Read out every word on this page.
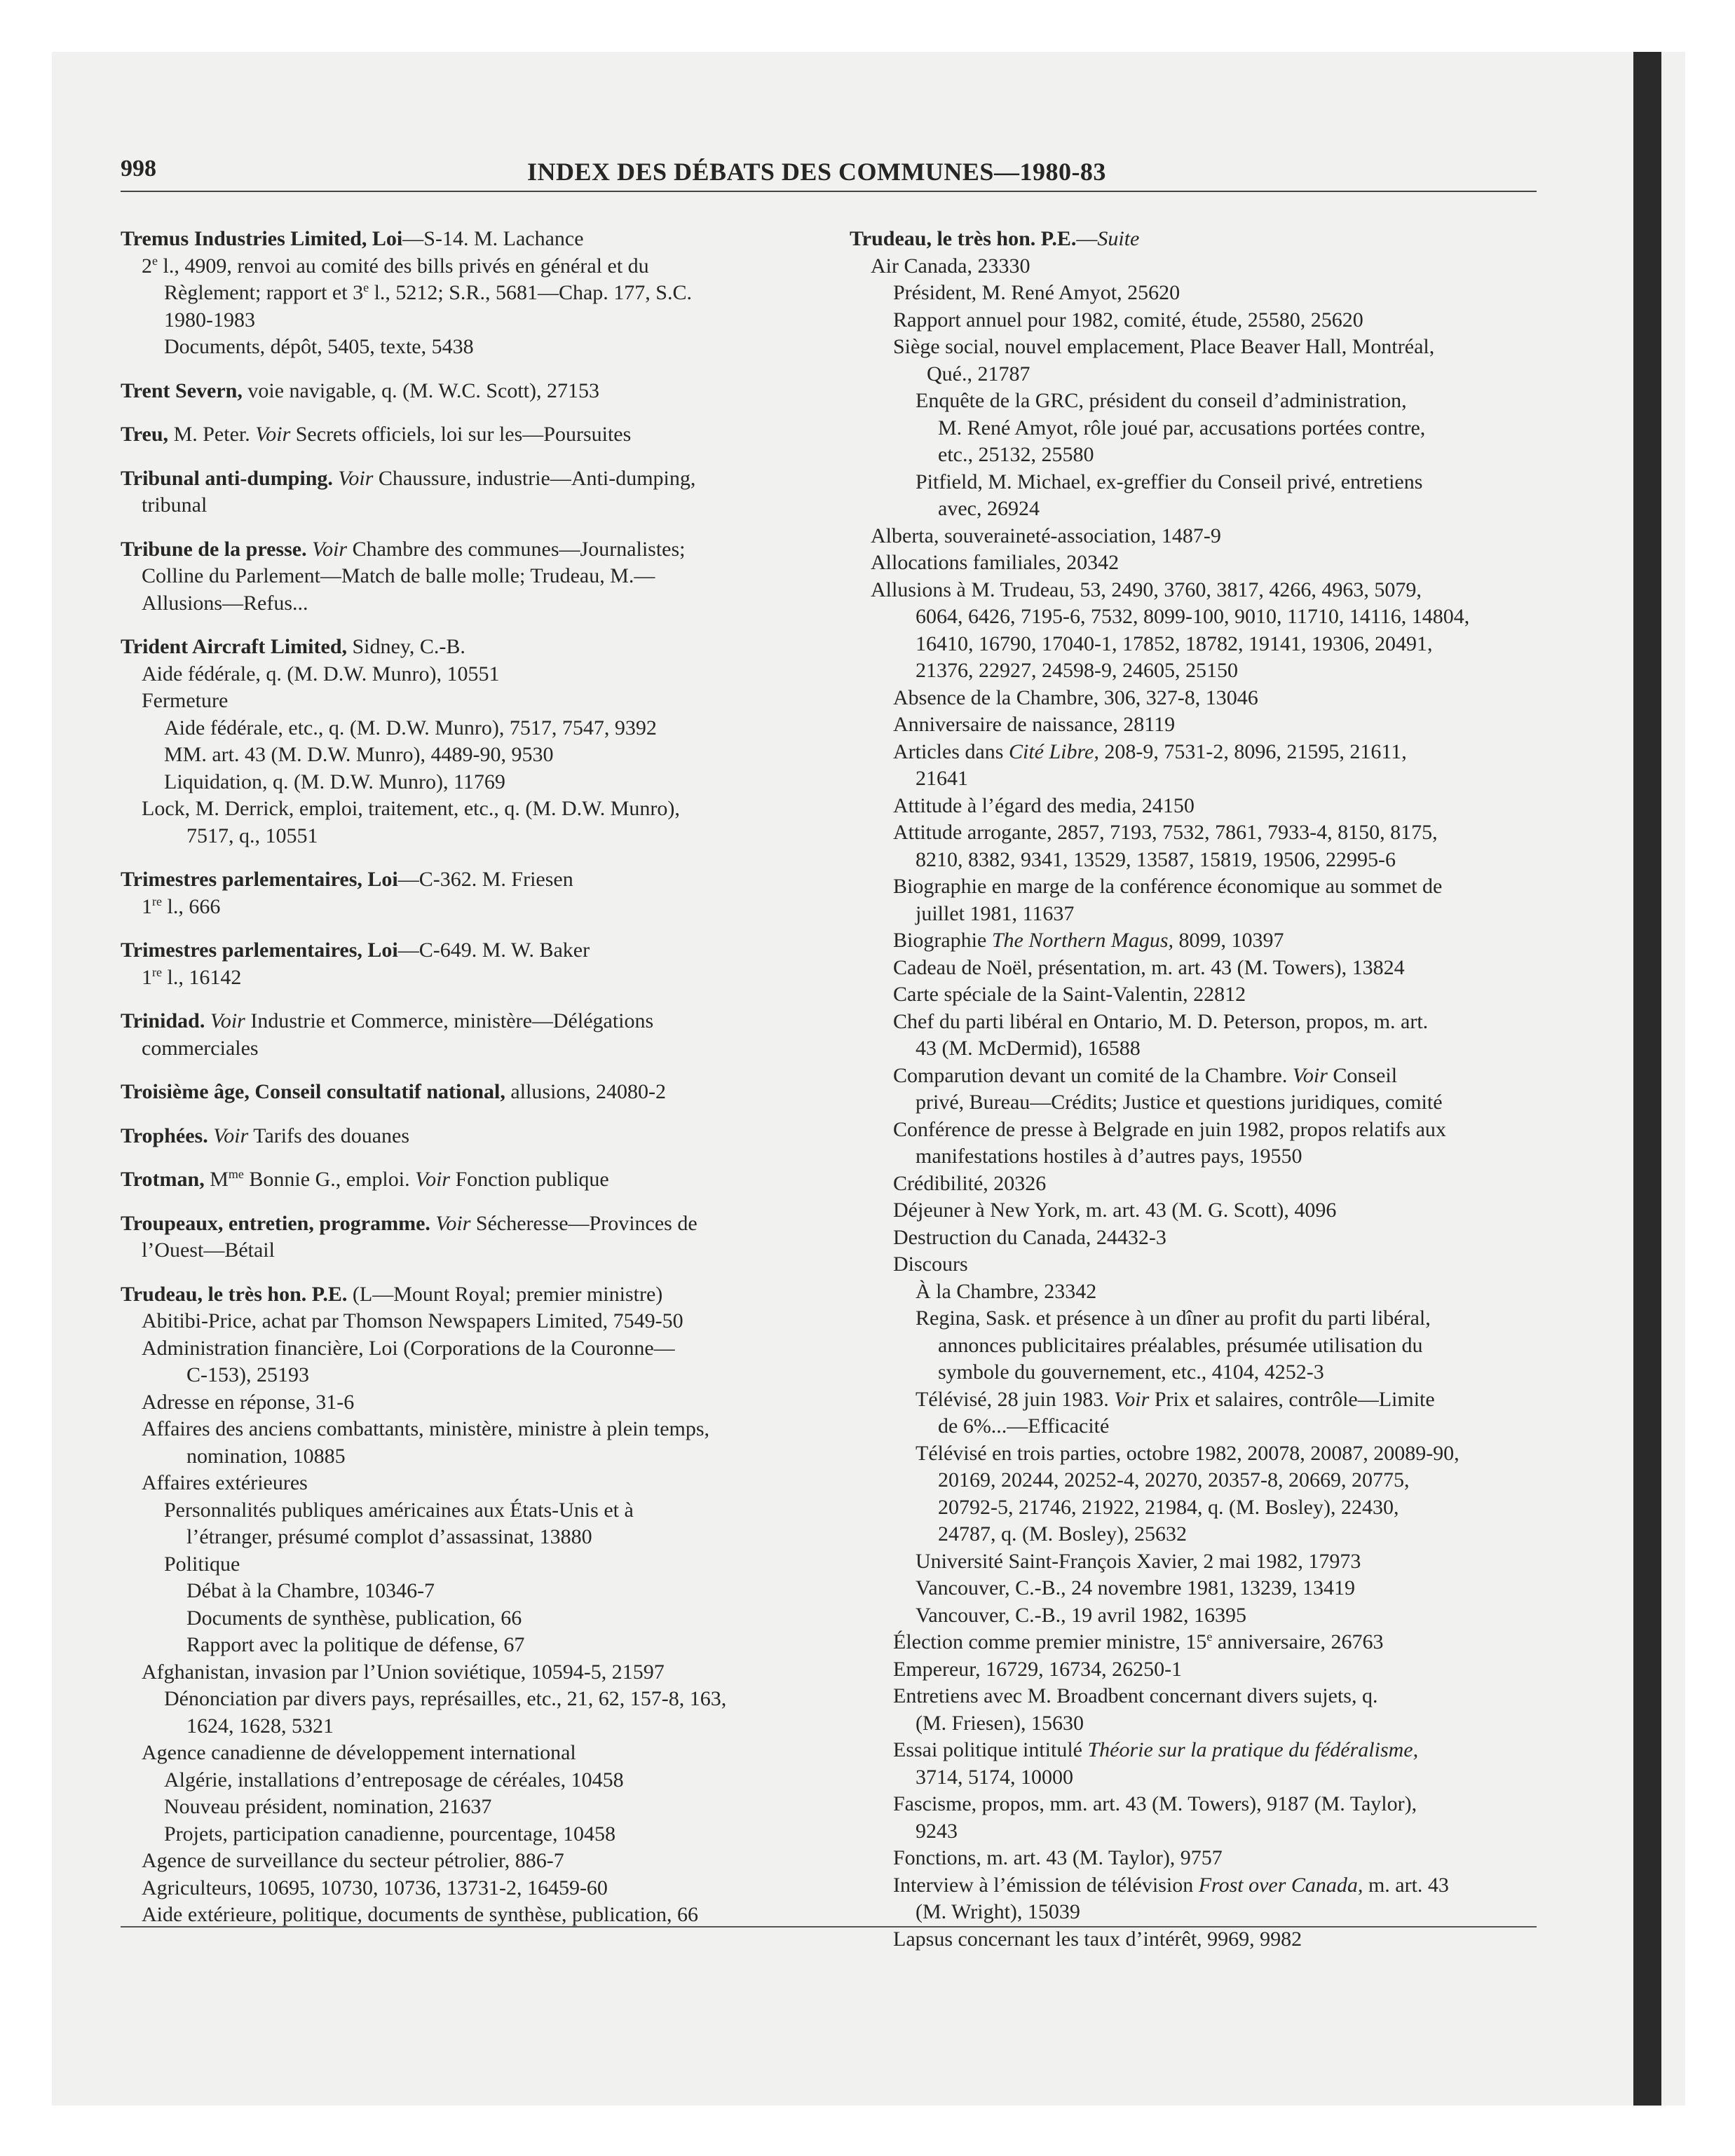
998	INDEX DES DÉBATS DES COMMUNES—1980-83
Tremus Industries Limited, Loi—S-14. M. Lachance
2e l., 4909, renvoi au comité des bills privés en général et du
Règlement; rapport et 3e l., 5212; S.R., 5681—Chap. 177, S.C.
1980-1983
Documents, dépôt, 5405, texte, 5438
Trent Severn, voie navigable, q. (M. W.C. Scott), 27153
Treu, M. Peter. Voir Secrets officiels, loi sur les—Poursuites
Tribunal anti-dumping. Voir Chaussure, industrie—Anti-dumping,
tribunal
Tribune de la presse. Voir Chambre des communes—Journalistes;
Colline du Parlement—Match de balle molle; Trudeau, M.—
Allusions—Refus...
Trident Aircraft Limited, Sidney, C.-B.
Aide fédérale, q. (M. D.W. Munro), 10551
Fermeture
Aide fédérale, etc., q. (M. D.W. Munro), 7517, 7547, 9392
MM. art. 43 (M. D.W. Munro), 4489-90, 9530
Liquidation, q. (M. D.W. Munro), 11769
Lock, M. Derrick, emploi, traitement, etc., q. (M. D.W. Munro),
7517, q., 10551
Trimestres parlementaires, Loi—C-362. M. Friesen
1re l., 666
Trimestres parlementaires, Loi—C-649. M. W. Baker
1re l., 16142
Trinidad. Voir Industrie et Commerce, ministère—Délégations
commerciales
Troisième âge, Conseil consultatif national, allusions, 24080-2
Trophées. Voir Tarifs des douanes
Trotman, $M^{me}$ Bonnie G., emploi. Voir Fonction publique
Troupeaux, entretien, programme. Voir Sécheresse—Provinces de
l’Ouest—Bétail
Trudeau, le très hon. P.E. (L—Mount Royal; premier ministre)
Abitibi-Price, achat par Thomson Newspapers Limited, 7549-50
Administration financière, Loi (Corporations de la Couronne—
C-153), 25193
Adresse en réponse, 31-6
Affaires des anciens combattants, ministère, ministre à plein temps,
nomination, 10885
Affaires extérieures
Personnalités publiques américaines aux États-Unis et à
l’étranger, présumé complot d’assassinat, 13880
Politique
Débat à la Chambre, 10346-7
Documents de synthèse, publication, 66
Rapport avec la politique de défense, 67
Afghanistan, invasion par l’Union soviétique, 10594-5, 21597
Dénonciation par divers pays, représailles, etc., 21, 62, 157-8, 163,
1624, 1628, 5321
Agence canadienne de développement international
Algérie, installations d’entreposage de céréales, 10458
Nouveau président, nomination, 21637
Projets, participation canadienne, pourcentage, 10458
Agence de surveillance du secteur pétrolier, 886-7
Agriculteurs, 10695, 10730, 10736, 13731-2, 16459-60
Aide extérieure, politique, documents de synthèse, publication, 66
Trudeau, le très hon. P.E.—Suite
Air Canada, 23330
Président, M. René Amyot, 25620
Rapport annuel pour 1982, comité, étude, 25580, 25620
Siège social, nouvel emplacement, Place Beaver Hall, Montréal,
Qué., 21787
Enquête de la GRC, président du conseil d’administration,
M. René Amyot, rôle joué par, accusations portées contre,
etc., 25132, 25580
Pitfield, M. Michael, ex-greffier du Conseil privé, entretiens
avec, 26924
Alberta, souveraineté-association, 1487-9
Allocations familiales, 20342
Allusions à M. Trudeau, 53, 2490, 3760, 3817, 4266, 4963, 5079,
6064, 6426, 7195-6, 7532, 8099-100, 9010, 11710, 14116, 14804,
16410, 16790, 17040-1, 17852, 18782, 19141, 19306, 20491,
21376, 22927, 24598-9, 24605, 25150
Absence de la Chambre, 306, 327-8, 13046
Anniversaire de naissance, 28119
Articles dans Cité Libre, 208-9, 7531-2, 8096, 21595, 21611,
21641
Attitude à l’égard des media, 24150
Attitude arrogante, 2857, 7193, 7532, 7861, 7933-4, 8150, 8175,
8210, 8382, 9341, 13529, 13587, 15819, 19506, 22995-6
Biographie en marge de la conférence économique au sommet de
juillet 1981, 11637
Biographie The Northern Magus, 8099, 10397
Cadeau de Noël, présentation, m. art. 43 (M. Towers), 13824
Carte spéciale de la Saint-Valentin, 22812
Chef du parti libéral en Ontario, M. D. Peterson, propos, m. art.
43 (M. McDermid), 16588
Comparution devant un comité de la Chambre. Voir Conseil
privé, Bureau—Crédits; Justice et questions juridiques, comité
Conférence de presse à Belgrade en juin 1982, propos relatifs aux
manifestations hostiles à d’autres pays, 19550
Crédibilité, 20326
Déjeuner à New York, m. art. 43 (M. G. Scott), 4096
Destruction du Canada, 24432-3
Discours
À la Chambre, 23342
Regina, Sask. et présence à un dîner au profit du parti libéral,
annonces publicitaires préalables, présumée utilisation du
symbole du gouvernement, etc., 4104, 4252-3
Télévisé, 28 juin 1983. Voir Prix et salaires, contrôle—Limite
de 6%...—Efficacité
Télévisé en trois parties, octobre 1982, 20078, 20087, 20089-90,
20169, 20244, 20252-4, 20270, 20357-8, 20669, 20775,
20792-5, 21746, 21922, 21984, q. (M. Bosley), 22430,
24787, q. (M. Bosley), 25632
Université Saint-François Xavier, 2 mai 1982, 17973
Vancouver, C.-B., 24 novembre 1981, 13239, 13419
Vancouver, C.-B., 19 avril 1982, 16395
Élection comme premier ministre, 15e anniversaire, 26763
Empereur, 16729, 16734, 26250-1
Entretiens avec M. Broadbent concernant divers sujets, q.
(M. Friesen), 15630
Essai politique intitulé Théorie sur la pratique du fédéralisme,
3714, 5174, 10000
Fascisme, propos, mm. art. 43 (M. Towers), 9187 (M. Taylor),
9243
Fonctions, m. art. 43 (M. Taylor), 9757
Interview à l’émission de télévision Frost over Canada, m. art. 43
(M. Wright), 15039
Lapsus concernant les taux d’intérêt, 9969, 9982
